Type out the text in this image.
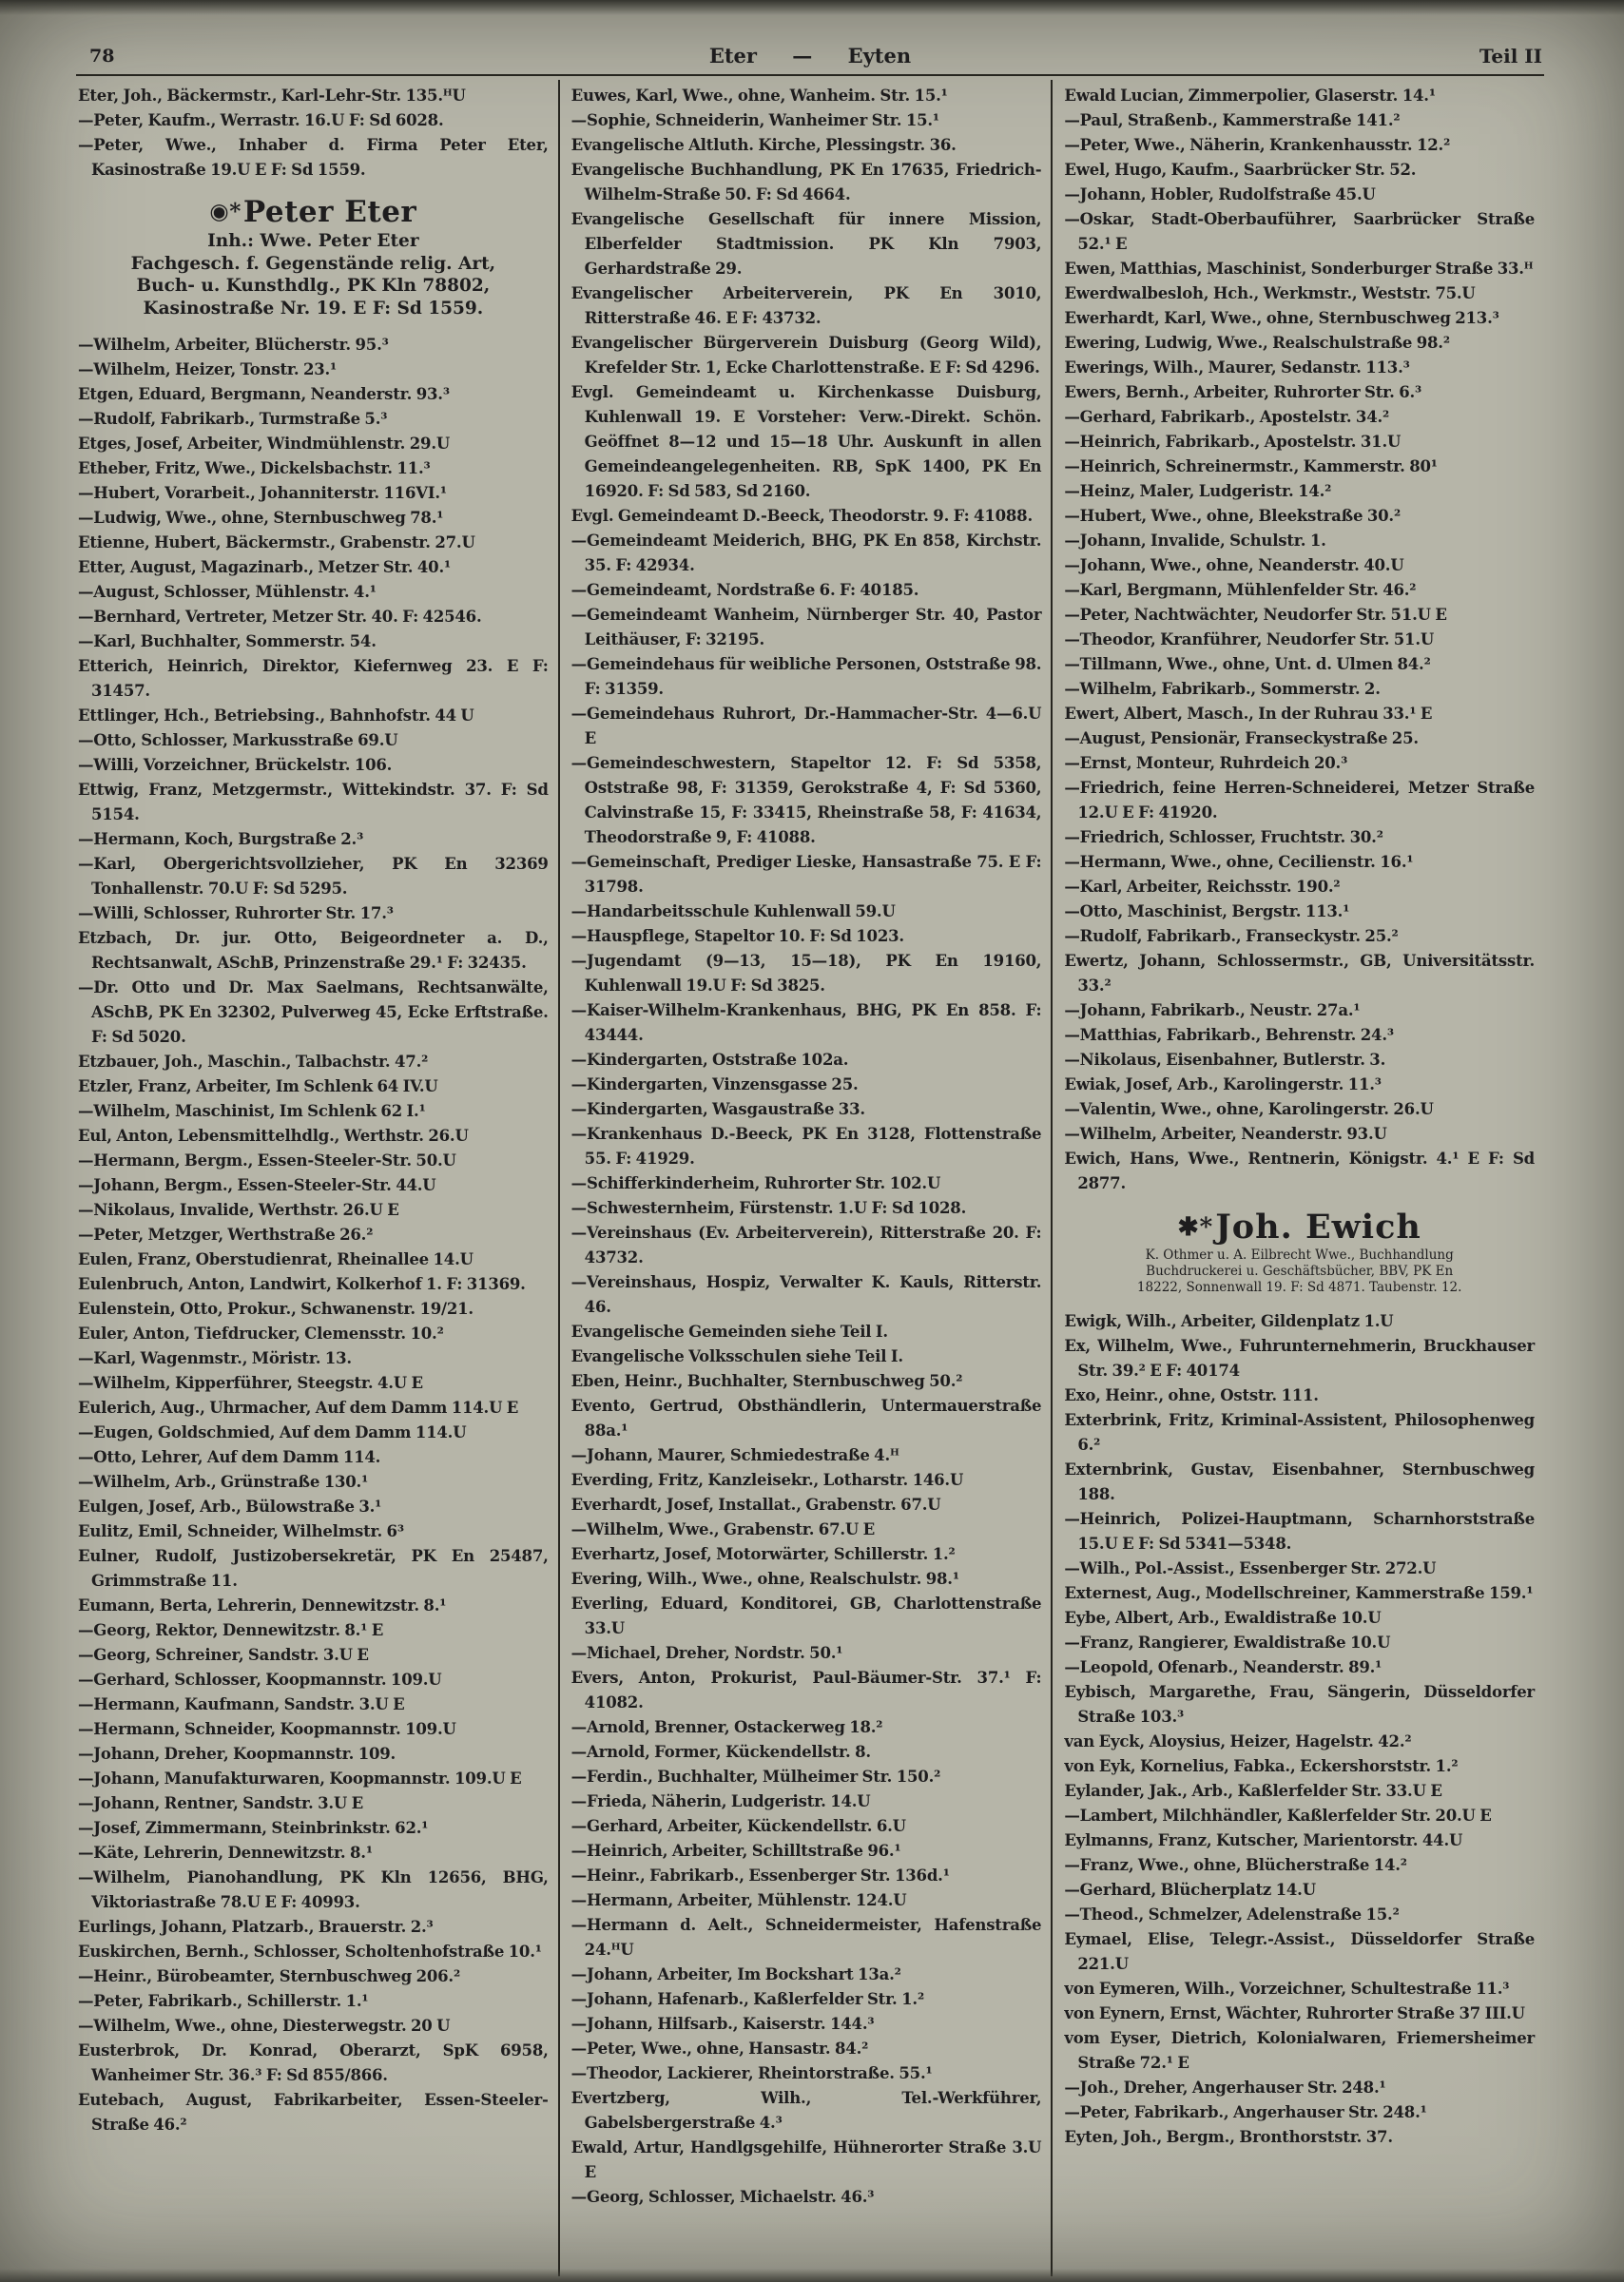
78	Eter — Eyten	Teil II
Eter, Joh., Bäckermstr., Karl-Lehr-Str. 135.ᴴU
—Peter, Kaufm., Werrastr. 16.U F: Sd 6028.
—Peter, Wwe., Inhaber d. Firma Peter Eter, Kasinostraße 19.U E F: Sd 1559.
◉*Peter Eter
Inh.: Wwe. Peter Eter
Fachgesch. f. Gegenstände relig. Art,
Buch- u. Kunsthdlg., PK Kln 78802,
Kasinostraße Nr. 19. E F: Sd 1559.
—Wilhelm, Arbeiter, Blücherstr. 95.³
—Wilhelm, Heizer, Tonstr. 23.¹
Etgen, Eduard, Bergmann, Neanderstr. 93.³
—Rudolf, Fabrikarb., Turmstraße 5.³
Etges, Josef, Arbeiter, Windmühlenstr. 29.U
Etheber, Fritz, Wwe., Dickelsbachstr. 11.³
—Hubert, Vorarbeit., Johanniterstr. 116VI.¹
—Ludwig, Wwe., ohne, Sternbuschweg 78.¹
Etienne, Hubert, Bäckermstr., Grabenstr. 27.U
Etter, August, Magazinarb., Metzer Str. 40.¹
—August, Schlosser, Mühlenstr. 4.¹
—Bernhard, Vertreter, Metzer Str. 40. F: 42546.
—Karl, Buchhalter, Sommerstr. 54.
Etterich, Heinrich, Direktor, Kiefernweg 23. E F: 31457.
Ettlinger, Hch., Betriebsing., Bahnhofstr. 44 U
—Otto, Schlosser, Markusstraße 69.U
—Willi, Vorzeichner, Brückelstr. 106.
Ettwig, Franz, Metzgermstr., Wittekindstr. 37. F: Sd 5154.
—Hermann, Koch, Burgstraße 2.³
—Karl, Obergerichtsvollzieher, PK En 32369 Tonhallenstr. 70.U F: Sd 5295.
—Willi, Schlosser, Ruhrorter Str. 17.³
Etzbach, Dr. jur. Otto, Beigeordneter a. D., Rechtsanwalt, ASchB, Prinzenstraße 29.¹ F: 32435.
—Dr. Otto und Dr. Max Saelmans, Rechtsanwälte, ASchB, PK En 32302, Pulverweg 45, Ecke Erftstraße. F: Sd 5020.
Etzbauer, Joh., Maschin., Talbachstr. 47.²
Etzler, Franz, Arbeiter, Im Schlenk 64 IV.U
—Wilhelm, Maschinist, Im Schlenk 62 I.¹
Eul, Anton, Lebensmittelhdlg., Werthstr. 26.U
—Hermann, Bergm., Essen-Steeler-Str. 50.U
—Johann, Bergm., Essen-Steeler-Str. 44.U
—Nikolaus, Invalide, Werthstr. 26.U E
—Peter, Metzger, Werthstraße 26.²
Eulen, Franz, Oberstudienrat, Rheinallee 14.U
Eulenbruch, Anton, Landwirt, Kolkerhof 1. F: 31369.
Eulenstein, Otto, Prokur., Schwanenstr. 19/21.
Euler, Anton, Tiefdrucker, Clemensstr. 10.²
—Karl, Wagenmstr., Möristr. 13.
—Wilhelm, Kipperführer, Steegstr. 4.U E
Eulerich, Aug., Uhrmacher, Auf dem Damm 114.U E
—Eugen, Goldschmied, Auf dem Damm 114.U
—Otto, Lehrer, Auf dem Damm 114.
—Wilhelm, Arb., Grünstraße 130.¹
Eulgen, Josef, Arb., Bülowstraße 3.¹
Eulitz, Emil, Schneider, Wilhelmstr. 6³
Eulner, Rudolf, Justizobersekretär, PK En 25487, Grimmstraße 11.
Eumann, Berta, Lehrerin, Dennewitzstr. 8.¹
—Georg, Rektor, Dennewitzstr. 8.¹ E
—Georg, Schreiner, Sandstr. 3.U E
—Gerhard, Schlosser, Koopmannstr. 109.U
—Hermann, Kaufmann, Sandstr. 3.U E
—Hermann, Schneider, Koopmannstr. 109.U
—Johann, Dreher, Koopmannstr. 109.
—Johann, Manufakturwaren, Koopmannstr. 109.U E
—Johann, Rentner, Sandstr. 3.U E
—Josef, Zimmermann, Steinbrinkstr. 62.¹
—Käte, Lehrerin, Dennewitzstr. 8.¹
—Wilhelm, Pianohandlung, PK Kln 12656, BHG, Viktoriastraße 78.U E F: 40993.
Eurlings, Johann, Platzarb., Brauerstr. 2.³
Euskirchen, Bernh., Schlosser, Scholtenhofstraße 10.¹
—Heinr., Bürobeamter, Sternbuschweg 206.²
—Peter, Fabrikarb., Schillerstr. 1.¹
—Wilhelm, Wwe., ohne, Diesterwegstr. 20 U
Eusterbrok, Dr. Konrad, Oberarzt, SpK 6958, Wanheimer Str. 36.³ F: Sd 855/866.
Eutebach, August, Fabrikarbeiter, Essen-Steeler-Straße 46.²
Euwes, Karl, Wwe., ohne, Wanheim. Str. 15.¹
—Sophie, Schneiderin, Wanheimer Str. 15.¹
Evangelische Altluth. Kirche, Plessingstr. 36.
Evangelische Buchhandlung, PK En 17635, Friedrich-Wilhelm-Straße 50. F: Sd 4664.
Evangelische Gesellschaft für innere Mission, Elberfelder Stadtmission. PK Kln 7903, Gerhardstraße 29.
Evangelischer Arbeiterverein, PK En 3010, Ritterstraße 46. E F: 43732.
Evangelischer Bürgerverein Duisburg (Georg Wild), Krefelder Str. 1, Ecke Charlottenstraße. E F: Sd 4296.
Evgl. Gemeindeamt u. Kirchenkasse Duisburg, Kuhlenwall 19. E Vorsteher: Verw.-Direkt. Schön. Geöffnet 8—12 und 15—18 Uhr. Auskunft in allen Gemeindeangelegenheiten. RB, SpK 1400, PK En 16920. F: Sd 583, Sd 2160.
Evgl. Gemeindeamt D.-Beeck, Theodorstr. 9. F: 41088.
—Gemeindeamt Meiderich, BHG, PK En 858, Kirchstr. 35. F: 42934.
—Gemeindeamt, Nordstraße 6. F: 40185.
—Gemeindeamt Wanheim, Nürnberger Str. 40, Pastor Leithäuser, F: 32195.
—Gemeindehaus für weibliche Personen, Oststraße 98. F: 31359.
—Gemeindehaus Ruhrort, Dr.-Hammacher-Str. 4—6.U E
—Gemeindeschwestern, Stapeltor 12. F: Sd 5358, Oststraße 98, F: 31359, Gerokstraße 4, F: Sd 5360, Calvinstraße 15, F: 33415, Rheinstraße 58, F: 41634, Theodorstraße 9, F: 41088.
—Gemeinschaft, Prediger Lieske, Hansastraße 75. E F: 31798.
—Handarbeitsschule Kuhlenwall 59.U
—Hauspflege, Stapeltor 10. F: Sd 1023.
—Jugendamt (9—13, 15—18), PK En 19160, Kuhlenwall 19.U F: Sd 3825.
—Kaiser-Wilhelm-Krankenhaus, BHG, PK En 858. F: 43444.
—Kindergarten, Oststraße 102a.
—Kindergarten, Vinzensgasse 25.
—Kindergarten, Wasgaustraße 33.
—Krankenhaus D.-Beeck, PK En 3128, Flottenstraße 55. F: 41929.
—Schifferkinderheim, Ruhrorter Str. 102.U
—Schwesternheim, Fürstenstr. 1.U F: Sd 1028.
—Vereinshaus (Ev. Arbeiterverein), Ritterstraße 20. F: 43732.
—Vereinshaus, Hospiz, Verwalter K. Kauls, Ritterstr. 46.
Evangelische Gemeinden siehe Teil I.
Evangelische Volksschulen siehe Teil I.
Eben, Heinr., Buchhalter, Sternbuschweg 50.²
Evento, Gertrud, Obsthändlerin, Untermauerstraße 88a.¹
—Johann, Maurer, Schmiedestraße 4.ᴴ
Everding, Fritz, Kanzleisekr., Lotharstr. 146.U
Everhardt, Josef, Installat., Grabenstr. 67.U
—Wilhelm, Wwe., Grabenstr. 67.U E
Everhartz, Josef, Motorwärter, Schillerstr. 1.²
Evering, Wilh., Wwe., ohne, Realschulstr. 98.¹
Everling, Eduard, Konditorei, GB, Charlottenstraße 33.U
—Michael, Dreher, Nordstr. 50.¹
Evers, Anton, Prokurist, Paul-Bäumer-Str. 37.¹ F: 41082.
—Arnold, Brenner, Ostackerweg 18.²
—Arnold, Former, Kückendellstr. 8.
—Ferdin., Buchhalter, Mülheimer Str. 150.²
—Frieda, Näherin, Ludgeristr. 14.U
—Gerhard, Arbeiter, Kückendellstr. 6.U
—Heinrich, Arbeiter, Schilltstraße 96.¹
—Heinr., Fabrikarb., Essenberger Str. 136d.¹
—Hermann, Arbeiter, Mühlenstr. 124.U
—Hermann d. Aelt., Schneidermeister, Hafenstraße 24.ᴴU
—Johann, Arbeiter, Im Bockshart 13a.²
—Johann, Hafenarb., Kaßlerfelder Str. 1.²
—Johann, Hilfsarb., Kaiserstr. 144.³
—Peter, Wwe., ohne, Hansastr. 84.²
—Theodor, Lackierer, Rheintorstraße. 55.¹
Evertzberg, Wilh., Tel.-Werkführer, Gabelsbergerstraße 4.³
Ewald, Artur, Handlgsgehilfe, Hühnerorter Straße 3.U E
—Georg, Schlosser, Michaelstr. 46.³
Ewald Lucian, Zimmerpolier, Glaserstr. 14.¹
—Paul, Straßenb., Kammerstraße 141.²
—Peter, Wwe., Näherin, Krankenhausstr. 12.²
Ewel, Hugo, Kaufm., Saarbrücker Str. 52.
—Johann, Hobler, Rudolfstraße 45.U
—Oskar, Stadt-Oberbauführer, Saarbrücker Straße 52.¹ E
Ewen, Matthias, Maschinist, Sonderburger Straße 33.ᴴ
Ewerdwalbesloh, Hch., Werkmstr., Weststr. 75.U
Ewerhardt, Karl, Wwe., ohne, Sternbuschweg 213.³
Ewering, Ludwig, Wwe., Realschulstraße 98.²
Ewerings, Wilh., Maurer, Sedanstr. 113.³
Ewers, Bernh., Arbeiter, Ruhrorter Str. 6.³
—Gerhard, Fabrikarb., Apostelstr. 34.²
—Heinrich, Fabrikarb., Apostelstr. 31.U
—Heinrich, Schreinermstr., Kammerstr. 80¹
—Heinz, Maler, Ludgeristr. 14.²
—Hubert, Wwe., ohne, Bleekstraße 30.²
—Johann, Invalide, Schulstr. 1.
—Johann, Wwe., ohne, Neanderstr. 40.U
—Karl, Bergmann, Mühlenfelder Str. 46.²
—Peter, Nachtwächter, Neudorfer Str. 51.U E
—Theodor, Kranführer, Neudorfer Str. 51.U
—Tillmann, Wwe., ohne, Unt. d. Ulmen 84.²
—Wilhelm, Fabrikarb., Sommerstr. 2.
Ewert, Albert, Masch., In der Ruhrau 33.¹ E
—August, Pensionär, Franseckystraße 25.
—Ernst, Monteur, Ruhrdeich 20.³
—Friedrich, feine Herren-Schneiderei, Metzer Straße 12.U E F: 41920.
—Friedrich, Schlosser, Fruchtstr. 30.²
—Hermann, Wwe., ohne, Cecilienstr. 16.¹
—Karl, Arbeiter, Reichsstr. 190.²
—Otto, Maschinist, Bergstr. 113.¹
—Rudolf, Fabrikarb., Franseckystr. 25.²
Ewertz, Johann, Schlossermstr., GB, Universitätsstr. 33.²
—Johann, Fabrikarb., Neustr. 27a.¹
—Matthias, Fabrikarb., Behrenstr. 24.³
—Nikolaus, Eisenbahner, Butlerstr. 3.
Ewiak, Josef, Arb., Karolingerstr. 11.³
—Valentin, Wwe., ohne, Karolingerstr. 26.U
—Wilhelm, Arbeiter, Neanderstr. 93.U
Ewich, Hans, Wwe., Rentnerin, Königstr. 4.¹ E F: Sd 2877.
✱*Joh. Ewich
K. Othmer u. A. Eilbrecht Wwe., Buchhandlung
Buchdruckerei u. Geschäftsbücher, BBV, PK En
18222, Sonnenwall 19. F: Sd 4871. Taubenstr. 12.
Ewigk, Wilh., Arbeiter, Gildenplatz 1.U
Ex, Wilhelm, Wwe., Fuhrunternehmerin, Bruckhauser Str. 39.² E F: 40174
Exo, Heinr., ohne, Oststr. 111.
Exterbrink, Fritz, Kriminal-Assistent, Philosophenweg 6.²
Externbrink, Gustav, Eisenbahner, Sternbuschweg 188.
—Heinrich, Polizei-Hauptmann, Scharnhorststraße 15.U E F: Sd 5341—5348.
—Wilh., Pol.-Assist., Essenberger Str. 272.U
Externest, Aug., Modellschreiner, Kammerstraße 159.¹
Eybe, Albert, Arb., Ewaldistraße 10.U
—Franz, Rangierer, Ewaldistraße 10.U
—Leopold, Ofenarb., Neanderstr. 89.¹
Eybisch, Margarethe, Frau, Sängerin, Düsseldorfer Straße 103.³
van Eyck, Aloysius, Heizer, Hagelstr. 42.²
von Eyk, Kornelius, Fabka., Eckershorststr. 1.²
Eylander, Jak., Arb., Kaßlerfelder Str. 33.U E
—Lambert, Milchhändler, Kaßlerfelder Str. 20.U E
Eylmanns, Franz, Kutscher, Marientorstr. 44.U
—Franz, Wwe., ohne, Blücherstraße 14.²
—Gerhard, Blücherplatz 14.U
—Theod., Schmelzer, Adelenstraße 15.²
Eymael, Elise, Telegr.-Assist., Düsseldorfer Straße 221.U
von Eymeren, Wilh., Vorzeichner, Schultestraße 11.³
von Eynern, Ernst, Wächter, Ruhrorter Straße 37 III.U
vom Eyser, Dietrich, Kolonialwaren, Friemersheimer Straße 72.¹ E
—Joh., Dreher, Angerhauser Str. 248.¹
—Peter, Fabrikarb., Angerhauser Str. 248.¹
Eyten, Joh., Bergm., Bronthorststr. 37.
